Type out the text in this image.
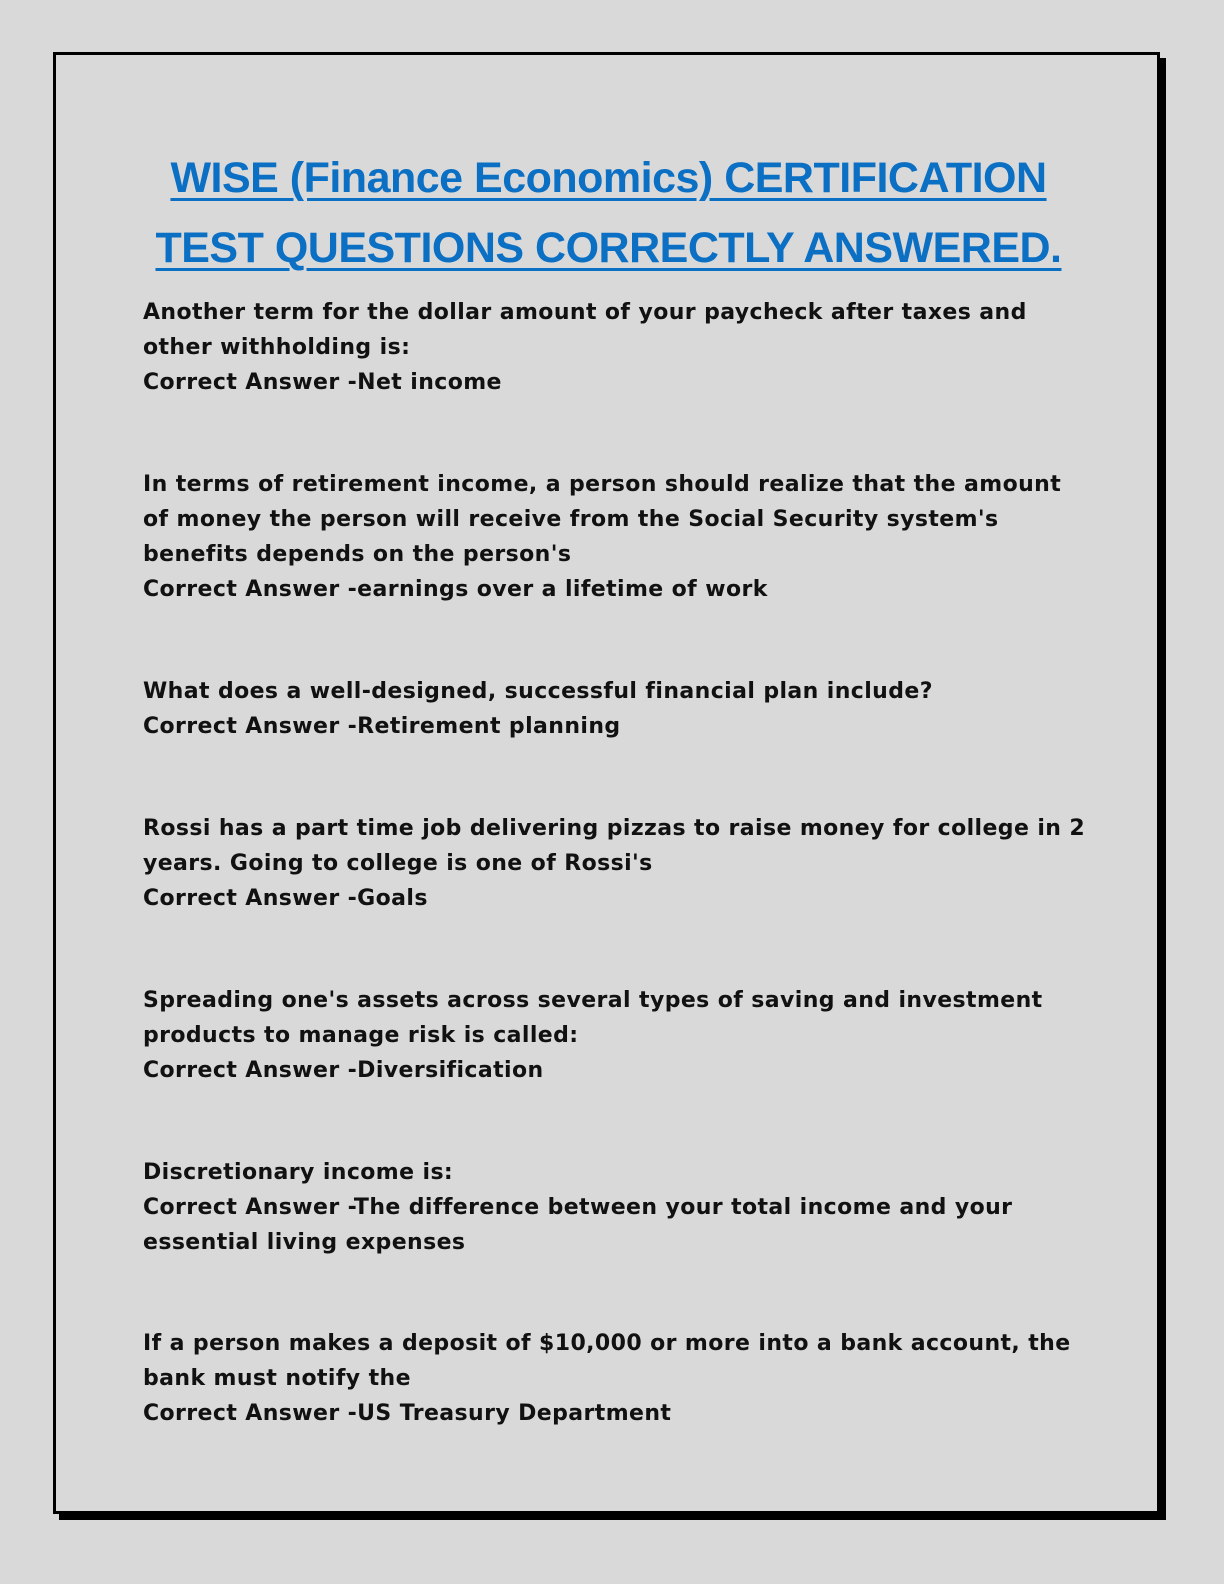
WISE (Finance Economics) CERTIFICATION
TEST QUESTIONS CORRECTLY ANSWERED.

Another term for the dollar amount of your paycheck after taxes and other withholding is:

Correct Answer -Net income

In terms of retirement income, a person should realize that the amount of money the person will receive from the Social Security system's benefits depends on the person's

Correct Answer -earnings over a lifetime of work

What does a well-designed, successful financial plan include?

Correct Answer -Retirement planning

Rossi has a part time job delivering pizzas to raise money for college in 2 years. Going to college is one of Rossi's

Correct Answer -Goals

Spreading one's assets across several types of saving and investment products to manage risk is called:

Correct Answer -Diversification

Discretionary income is:

Correct Answer -The difference between your total income and your essential living expenses

If a person makes a deposit of $10,000 or more into a bank account, the bank must notify the

Correct Answer -US Treasury Department
